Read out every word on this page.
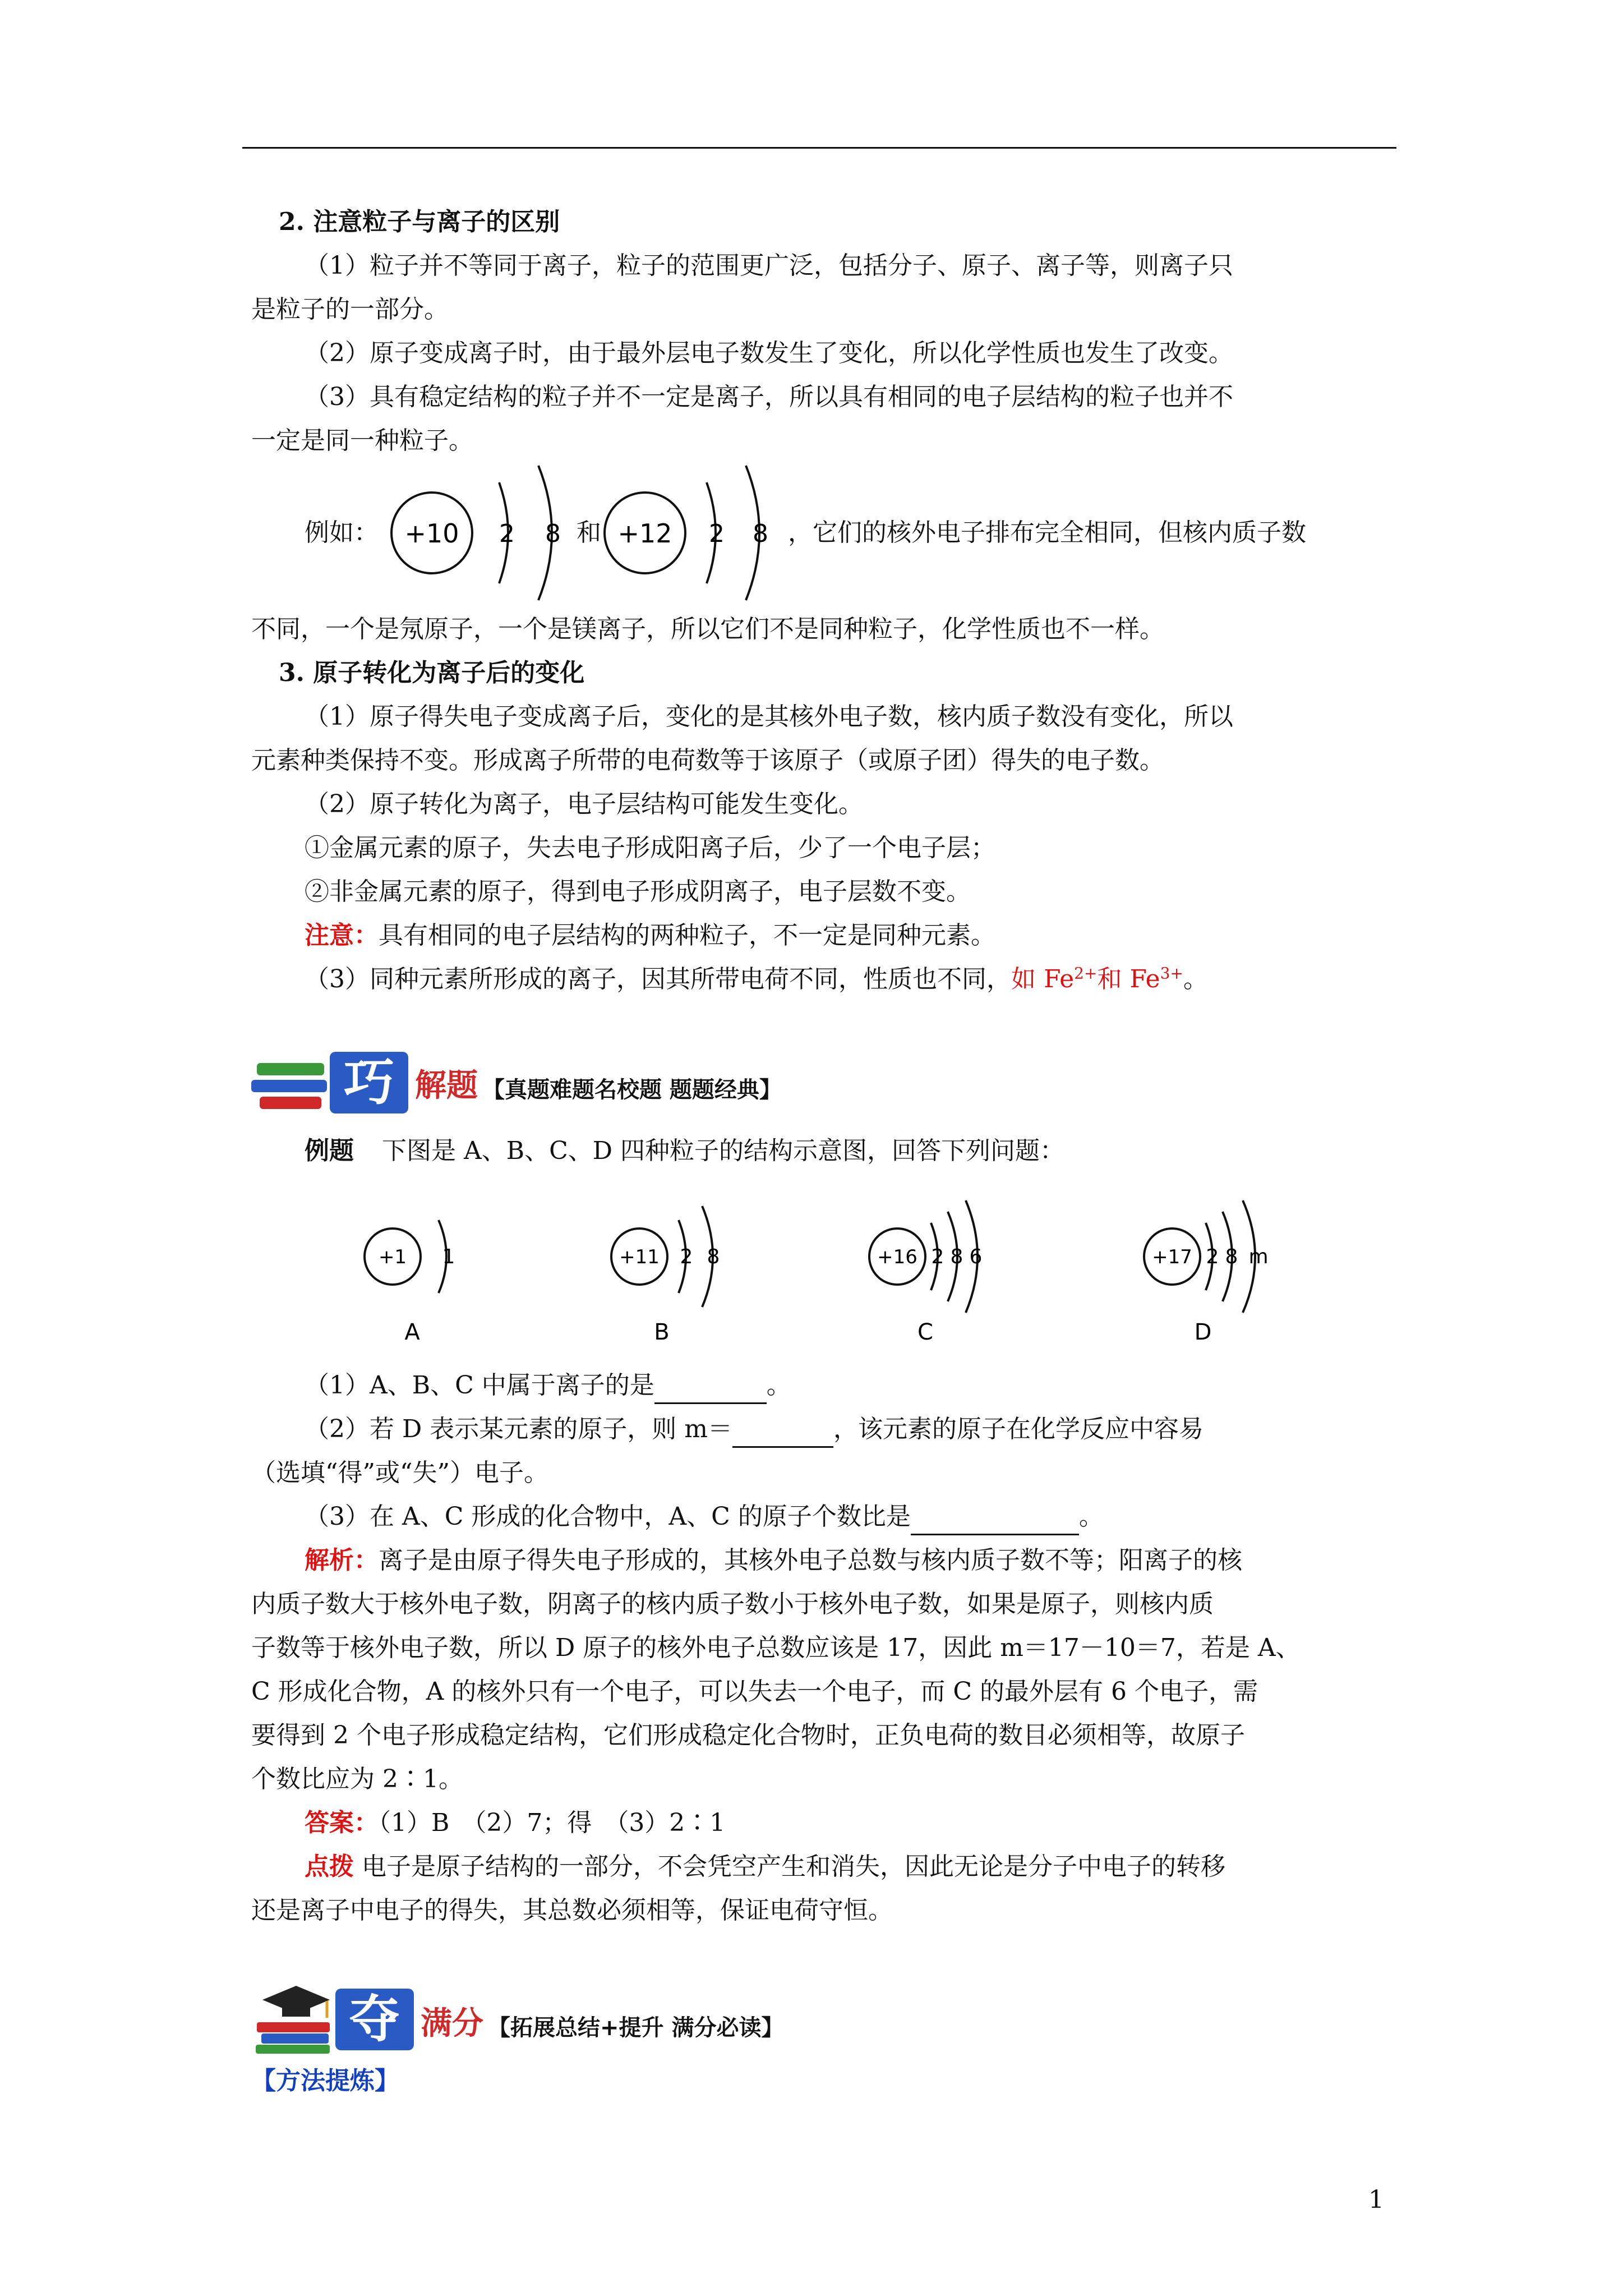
2. 注意粒子与离子的区别
（1）粒子并不等同于离子，粒子的范围更广泛，包括分子、原子、离子等，则离子只
是粒子的一部分。
（2）原子变成离子时，由于最外层电子数发生了变化，所以化学性质也发生了改变。
（3）具有稳定结构的粒子并不一定是离子，所以具有相同的电子层结构的粒子也并不
一定是同一种粒子。
例如： +10 2 8 和 +12 2 8 ，它们的核外电子排布完全相同，但核内质子数
不同，一个是氖原子，一个是镁离子，所以它们不是同种粒子，化学性质也不一样。
3. 原子转化为离子后的变化
（1）原子得失电子变成离子后，变化的是其核外电子数，核内质子数没有变化，所以
元素种类保持不变。形成离子所带的电荷数等于该原子（或原子团）得失的电子数。
（2）原子转化为离子，电子层结构可能发生变化。
①金属元素的原子，失去电子形成阳离子后，少了一个电子层；
②非金属元素的原子，得到电子形成阴离子，电子层数不变。
注意：具有相同的电子层结构的两种粒子，不一定是同种元素。
（3）同种元素所形成的离子，因其所带电荷不同，性质也不同，如 $Fe^{2+}$和 $Fe^{3+}$。
巧 解题 【真题难题名校题 题题经典】
例题 下图是 A、B、C、D 四种粒子的结构示意图，回答下列问题：
+1 1
A
+11 2 8
B
+16 2 8 6
C
+17 2 8 m
D
（1）A、B、C 中属于离子的是	。
（2）若 D 表示某元素的原子，则 m＝	，该元素的原子在化学反应中容易
（选填“得”或“失”）电子。
（3）在 A、C 形成的化合物中，A、C 的原子个数比是	。
解析：离子是由原子得失电子形成的，其核外电子总数与核内质子数不等；阳离子的核
内质子数大于核外电子数，阴离子的核内质子数小于核外电子数，如果是原子，则核内质
子数等于核外电子数，所以 D 原子的核外电子总数应该是 17，因此 m＝17－10＝7，若是 A、
C 形成化合物，A 的核外只有一个电子，可以失去一个电子，而 C 的最外层有 6 个电子，需
要得到 2 个电子形成稳定结构，它们形成稳定化合物时，正负电荷的数目必须相等，故原子
个数比应为 2∶1。
答案：（1）B　（2）7；得　（3）2∶1
点拨 电子是原子结构的一部分，不会凭空产生和消失，因此无论是分子中电子的转移
还是离子中电子的得失，其总数必须相等，保证电荷守恒。
夺 满分 【拓展总结+提升 满分必读】
【方法提炼】
1
